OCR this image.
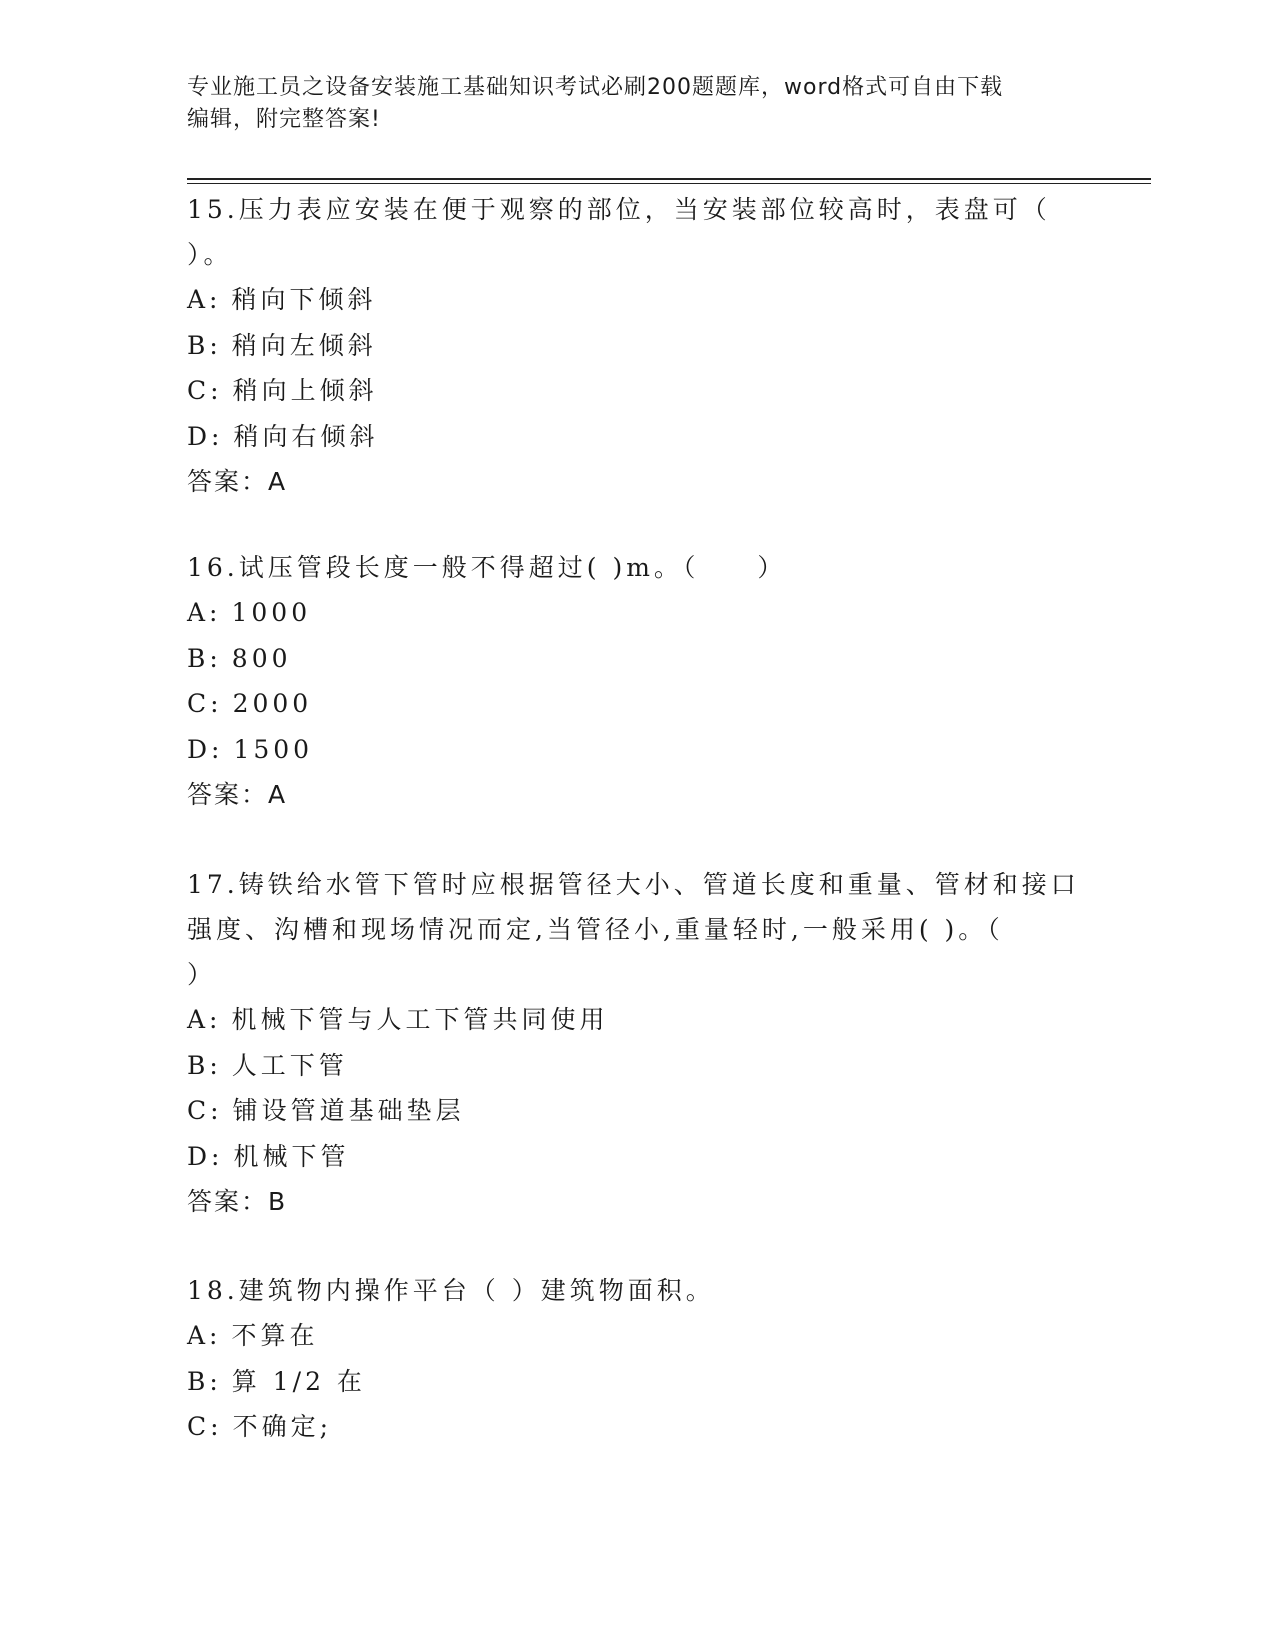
专业施工员之设备安装施工基础知识考试必刷200题题库，word格式可自由下载
编辑，附完整答案!
15.压力表应安装在便于观察的部位，当安装部位较高时，表盘可（
）。
A: 稍向下倾斜
B: 稍向左倾斜
C: 稍向上倾斜
D: 稍向右倾斜
答案：A
16.试压管段长度一般不得超过( )m。（　　）
A: 1000
B: 800
C: 2000
D: 1500
答案：A
17.铸铁给水管下管时应根据管径大小、管道长度和重量、管材和接口
强度、沟槽和现场情况而定,当管径小,重量轻时,一般采用( )。（
）
A: 机械下管与人工下管共同使用
B: 人工下管
C: 铺设管道基础垫层
D: 机械下管
答案：B
18.建筑物内操作平台（ ）建筑物面积。
A: 不算在
B: 算 1/2 在
C: 不确定;
